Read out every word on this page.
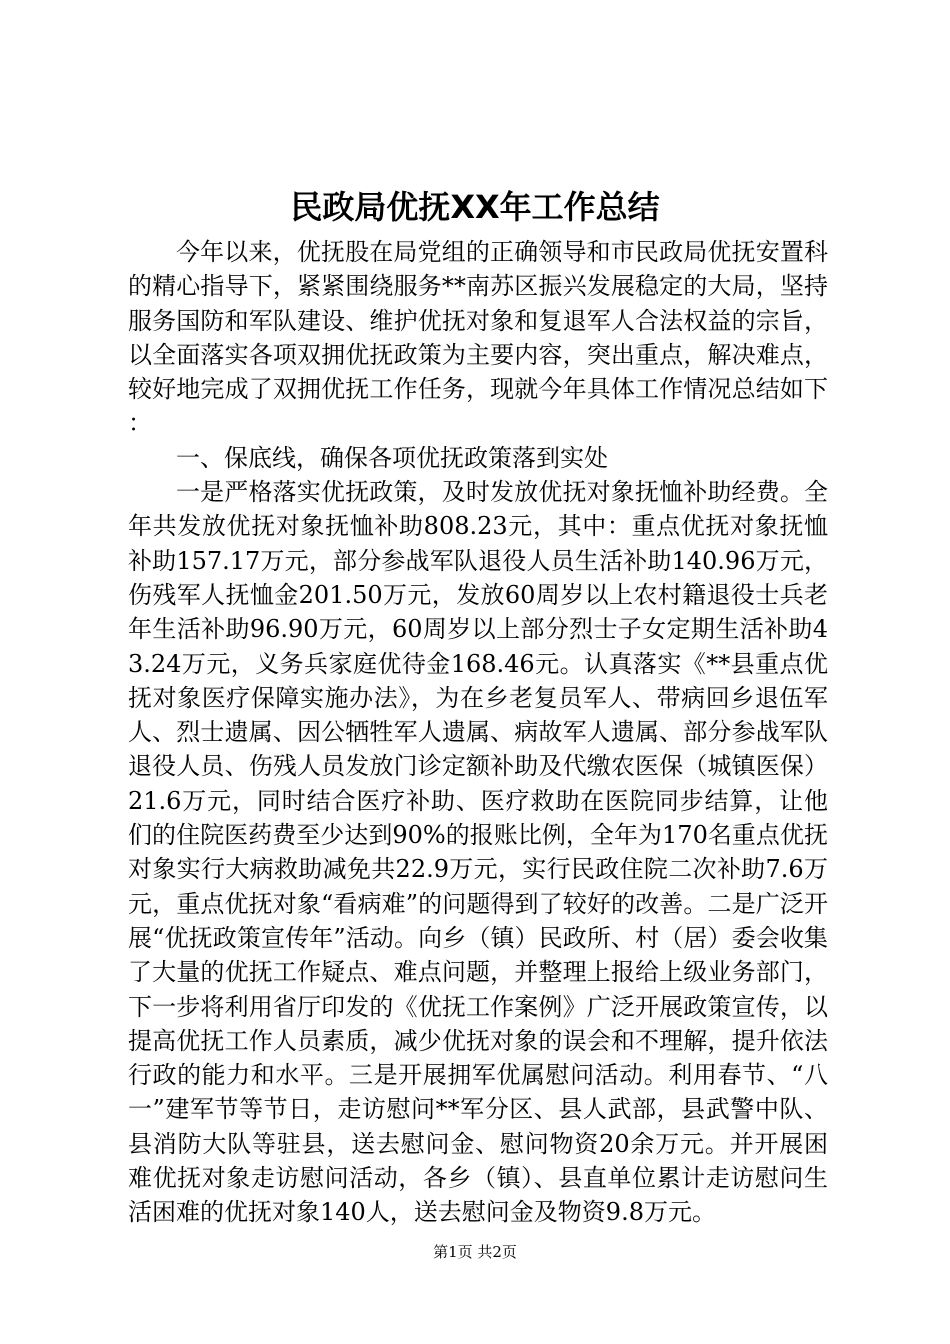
民政局优抚XX年工作总结

今年以来，优抚股在局党组的正确领导和市民政局优抚安置科的精心指导下，紧紧围绕服务**南苏区振兴发展稳定的大局，坚持服务国防和军队建设、维护优抚对象和复退军人合法权益的宗旨，以全面落实各项双拥优抚政策为主要内容，突出重点，解决难点，较好地完成了双拥优抚工作任务，现就今年具体工作情况总结如下：

一、保底线，确保各项优抚政策落到实处

一是严格落实优抚政策，及时发放优抚对象抚恤补助经费。全年共发放优抚对象抚恤补助808.23元，其中：重点优抚对象抚恤补助157.17万元，部分参战军队退役人员生活补助140.96万元，伤残军人抚恤金201.50万元，发放60周岁以上农村籍退役士兵老年生活补助96.90万元，60周岁以上部分烈士子女定期生活补助43.24万元，义务兵家庭优待金168.46元。认真落实《**县重点优抚对象医疗保障实施办法》，为在乡老复员军人、带病回乡退伍军人、烈士遗属、因公牺牲军人遗属、病故军人遗属、部分参战军队退役人员、伤残人员发放门诊定额补助及代缴农医保（城镇医保）21.6万元，同时结合医疗补助、医疗救助在医院同步结算，让他们的住院医药费至少达到90%的报账比例，全年为170名重点优抚对象实行大病救助减免共22.9万元，实行民政住院二次补助7.6万元，重点优抚对象“看病难”的问题得到了较好的改善。二是广泛开展“优抚政策宣传年”活动。向乡（镇）民政所、村（居）委会收集了大量的优抚工作疑点、难点问题，并整理上报给上级业务部门，下一步将利用省厅印发的《优抚工作案例》广泛开展政策宣传，以提高优抚工作人员素质，减少优抚对象的误会和不理解，提升依法行政的能力和水平。三是开展拥军优属慰问活动。利用春节、“八一”建军节等节日，走访慰问**军分区、县人武部，县武警中队、县消防大队等驻县，送去慰问金、慰问物资20余万元。并开展困难优抚对象走访慰问活动，各乡（镇）、县直单位累计走访慰问生活困难的优抚对象140人，送去慰问金及物资9.8万元。

第1页 共2页
